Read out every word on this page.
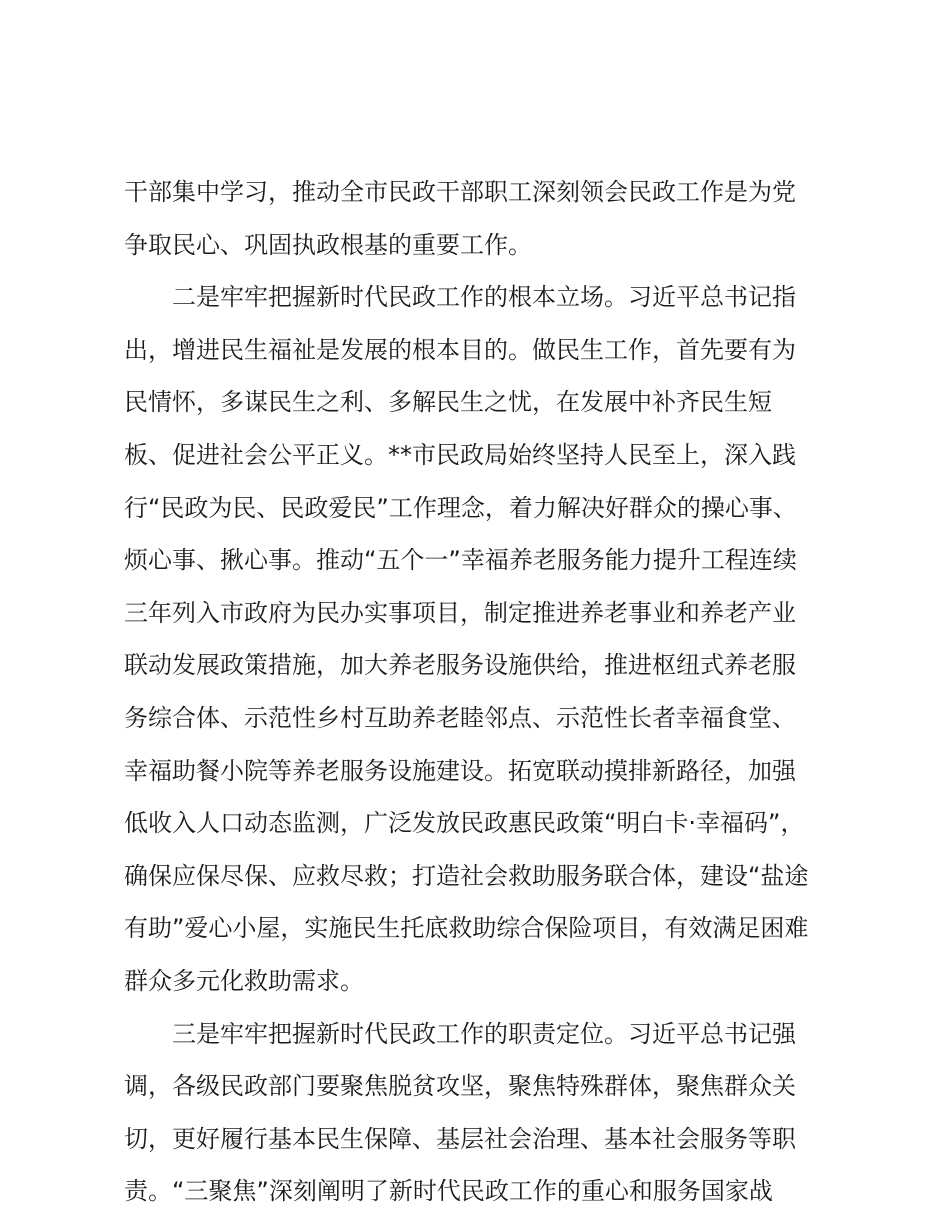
干部集中学习，推动全市民政干部职工深刻领会民政工作是为党
争取民心、巩固执政根基的重要工作。
二是牢牢把握新时代民政工作的根本立场。习近平总书记指
出，增进民生福祉是发展的根本目的。做民生工作，首先要有为
民情怀，多谋民生之利、多解民生之忧，在发展中补齐民生短
板、促进社会公平正义。**市民政局始终坚持人民至上，深入践
行“民政为民、民政爱民”工作理念，着力解决好群众的操心事、
烦心事、揪心事。推动“五个一”幸福养老服务能力提升工程连续
三年列入市政府为民办实事项目，制定推进养老事业和养老产业
联动发展政策措施，加大养老服务设施供给，推进枢纽式养老服
务综合体、示范性乡村互助养老睦邻点、示范性长者幸福食堂、
幸福助餐小院等养老服务设施建设。拓宽联动摸排新路径，加强
低收入人口动态监测，广泛发放民政惠民政策“明白卡·幸福码”，
确保应保尽保、应救尽救；打造社会救助服务联合体，建设“盐途
有助”爱心小屋，实施民生托底救助综合保险项目，有效满足困难
群众多元化救助需求。
三是牢牢把握新时代民政工作的职责定位。习近平总书记强
调，各级民政部门要聚焦脱贫攻坚，聚焦特殊群体，聚焦群众关
切，更好履行基本民生保障、基层社会治理、基本社会服务等职
责。“三聚焦”深刻阐明了新时代民政工作的重心和服务国家战
